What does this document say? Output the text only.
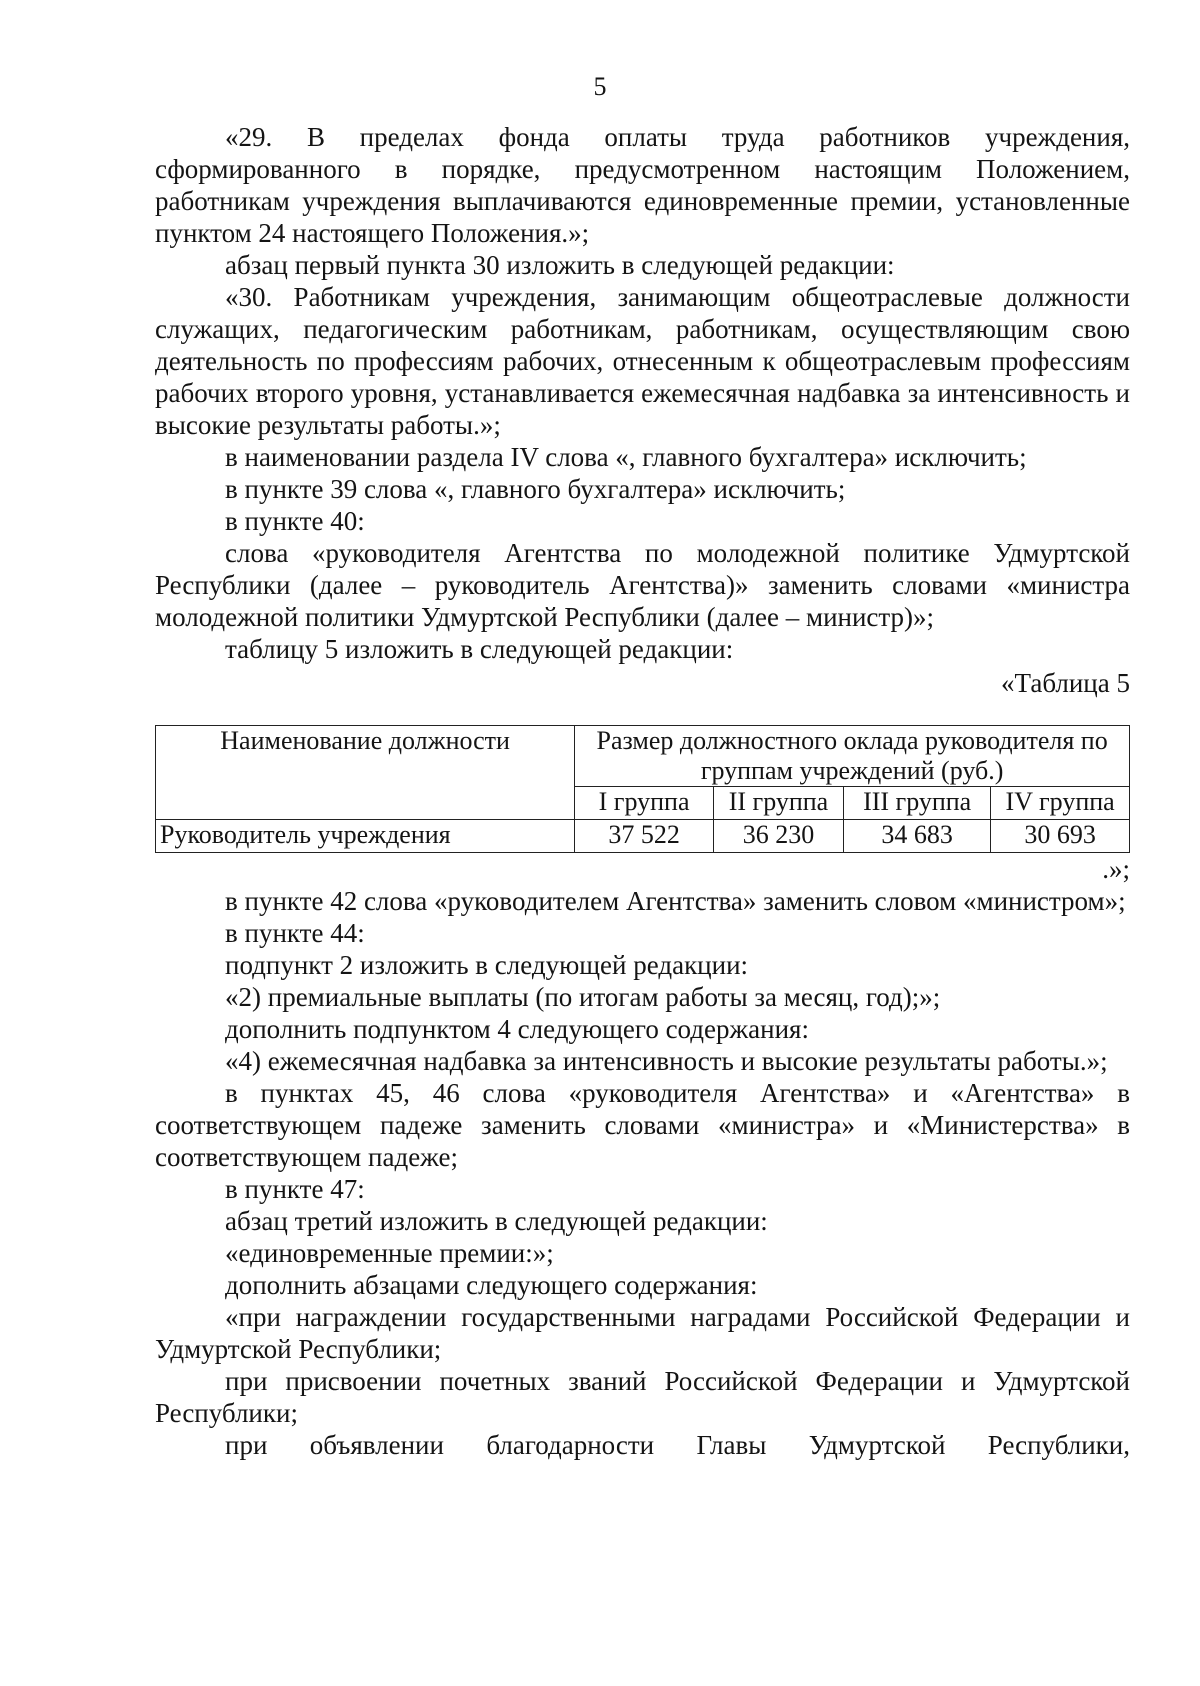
5

«29. В пределах фонда оплаты труда работников учреждения, сформированного в порядке, предусмотренном настоящим Положением, работникам учреждения выплачиваются единовременные премии, установленные пунктом 24 настоящего Положения.»;

абзац первый пункта 30 изложить в следующей редакции:

«30. Работникам учреждения, занимающим общеотраслевые должности служащих, педагогическим работникам, работникам, осуществляющим свою деятельность по профессиям рабочих, отнесенным к общеотраслевым профессиям рабочих второго уровня, устанавливается ежемесячная надбавка за интенсивность и высокие результаты работы.»;

в наименовании раздела IV слова «, главного бухгалтера» исключить;

в пункте 39 слова «, главного бухгалтера» исключить;

в пункте 40:

слова «руководителя Агентства по молодежной политике Удмуртской Республики (далее – руководитель Агентства)» заменить словами «министра молодежной политики Удмуртской Республики (далее – министр)»;

таблицу 5 изложить в следующей редакции:

«Таблица 5

Наименование должности	Размер должностного оклада руководителя по группам учреждений (руб.)			
	I группа	II группа	III группа	IV группа
Руководитель учреждения	37 522	36 230	34 683	30 693

.»;

в пункте 42 слова «руководителем Агентства» заменить словом «министром»;

в пункте 44:

подпункт 2 изложить в следующей редакции:

«2) премиальные выплаты (по итогам работы за месяц, год);»;

дополнить подпунктом 4 следующего содержания:

«4) ежемесячная надбавка за интенсивность и высокие результаты работы.»;

в пунктах 45, 46 слова «руководителя Агентства» и «Агентства» в соответствующем падеже заменить словами «министра» и «Министерства» в соответствующем падеже;

в пункте 47:

абзац третий изложить в следующей редакции:

«единовременные премии:»;

дополнить абзацами следующего содержания:

«при награждении государственными наградами Российской Федерации и Удмуртской Республики;

при присвоении почетных званий Российской Федерации и Удмуртской Республики;

при объявлении благодарности Главы Удмуртской Республики,
